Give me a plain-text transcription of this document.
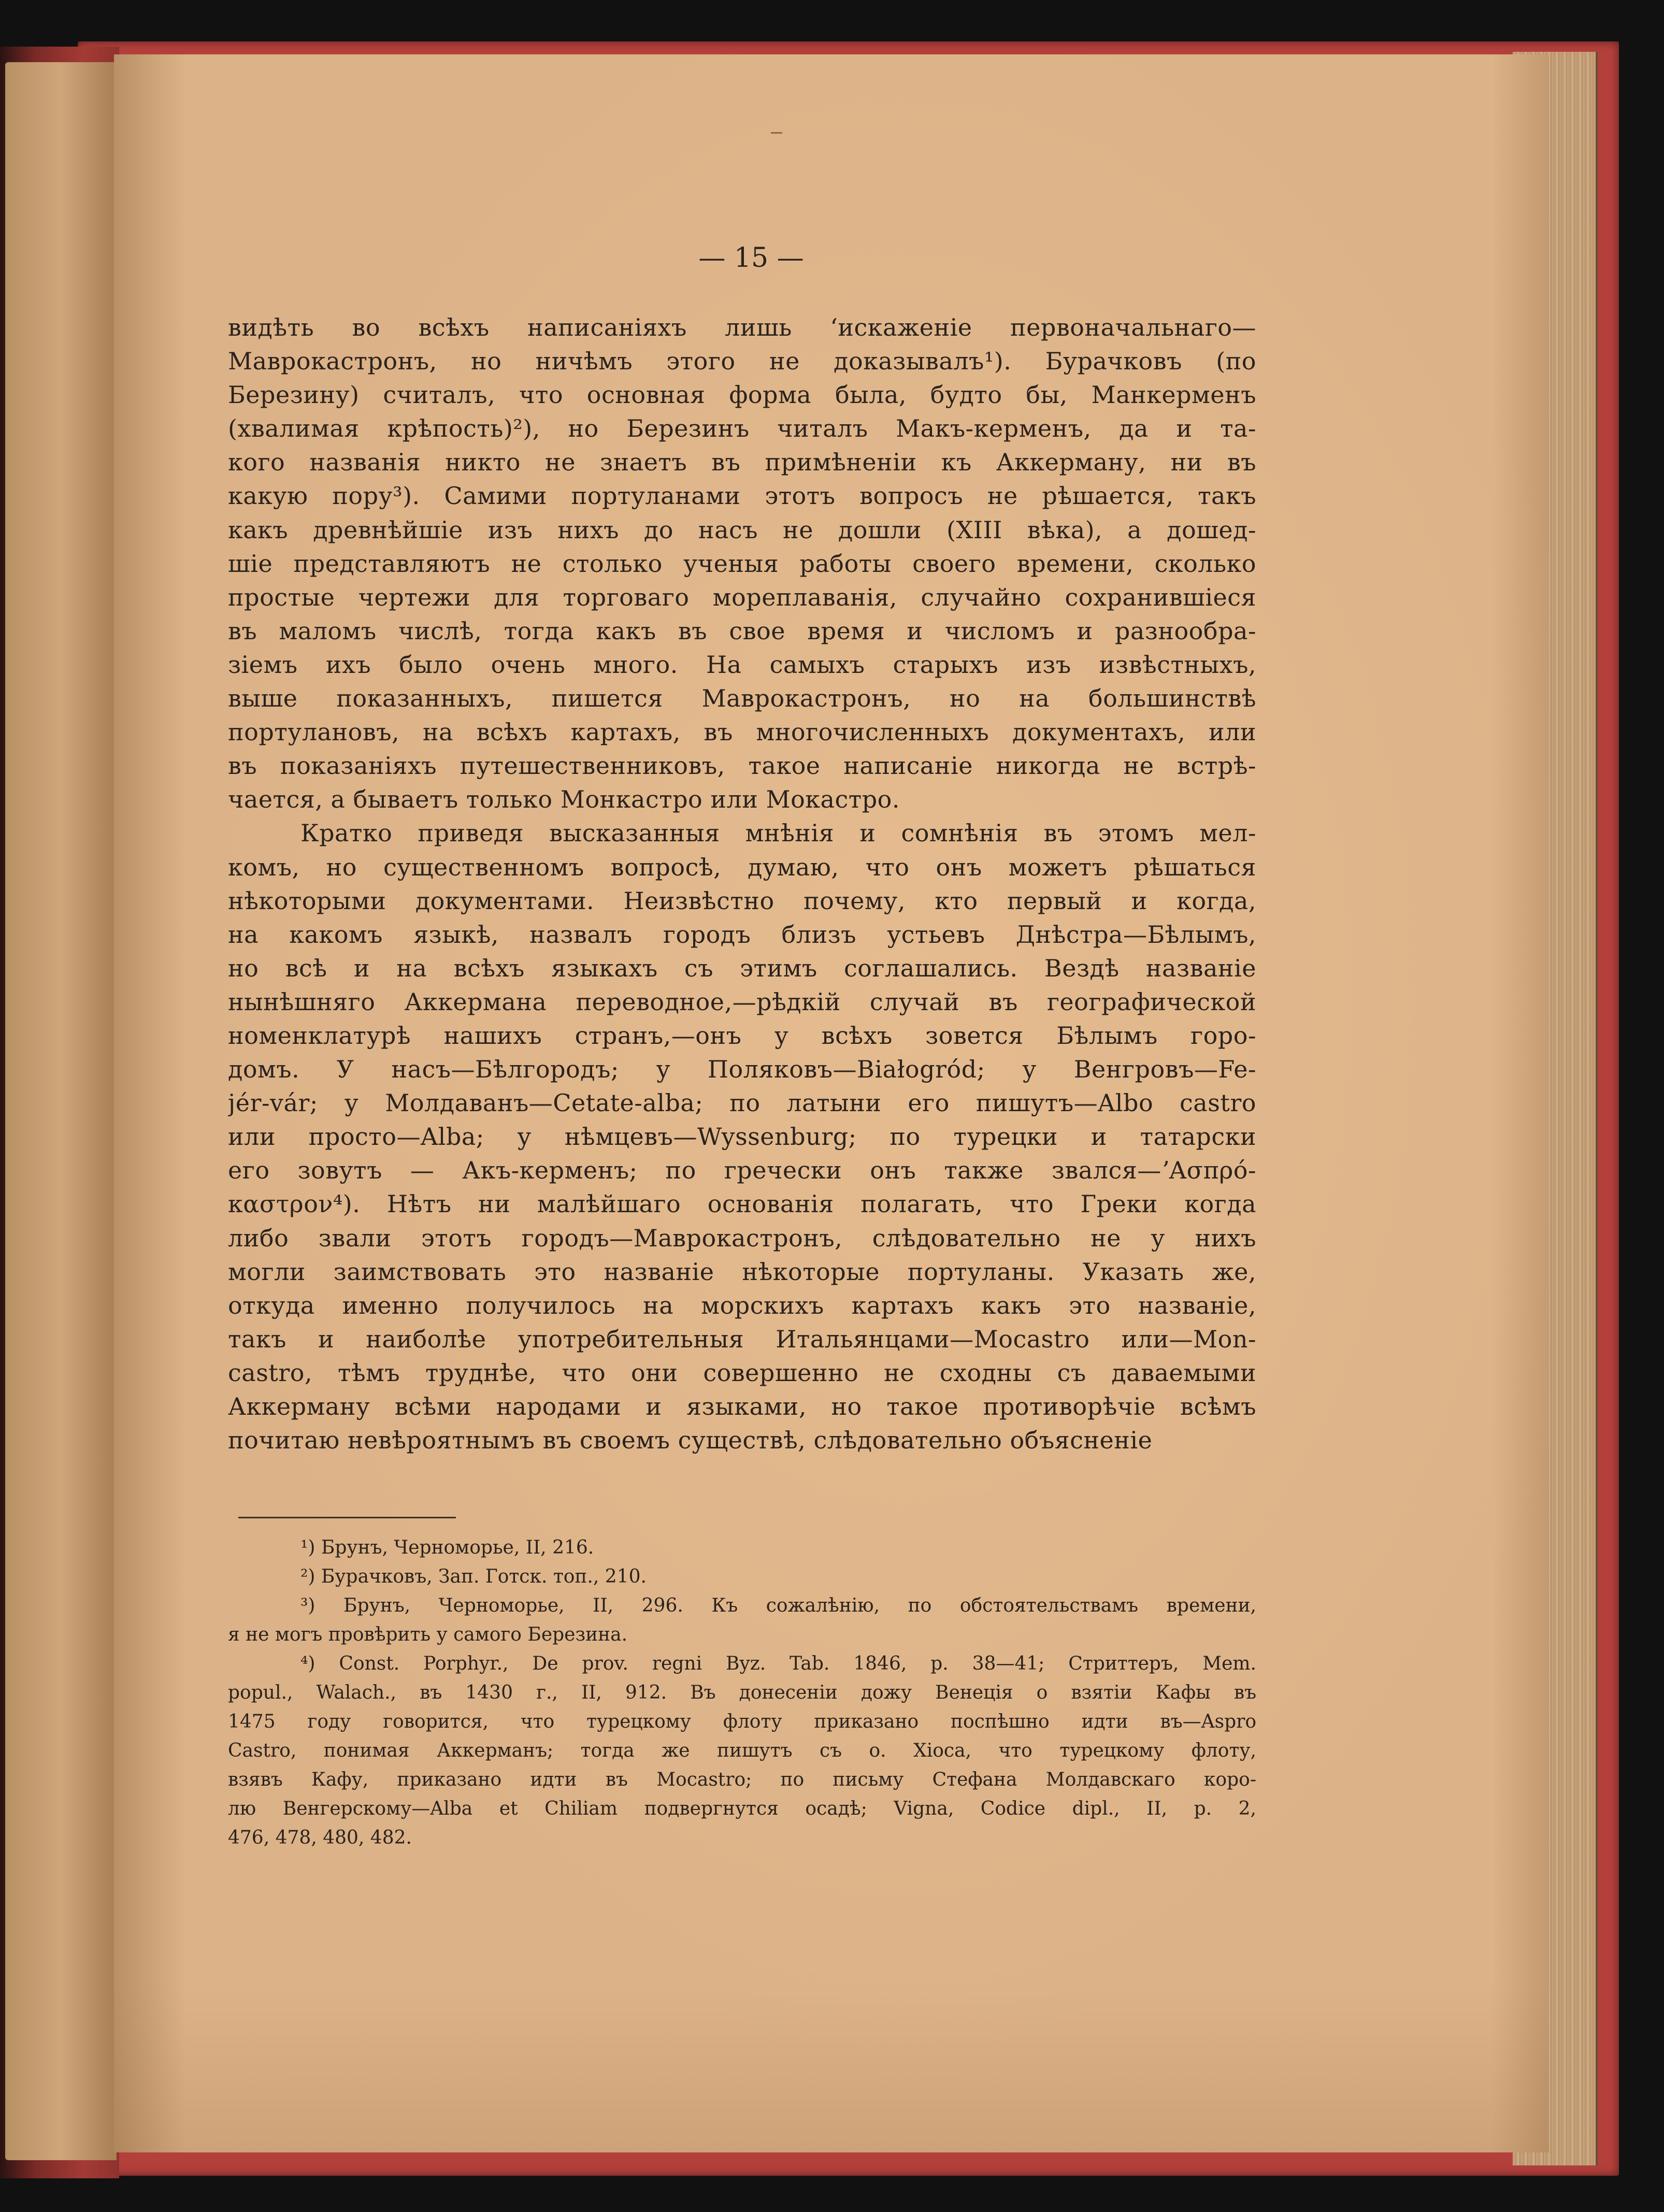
— 15 —
видѣть во всѣхъ написаніяхъ лишь ʻискаженіе первоначальнаго—
Маврокастронъ, но ничѣмъ этого не доказывалъ¹). Бурачковъ (по
Березину) считалъ, что основная форма была, будто бы, Манкерменъ
(хвалимая крѣпость)²), но Березинъ читалъ Макъ-керменъ, да и та-
кого названія никто не знаетъ въ примѣненіи къ Аккерману, ни въ
какую пору³). Самими портуланами этотъ вопросъ не рѣшается, такъ
какъ древнѣйшіе изъ нихъ до насъ не дошли (XIII вѣка), а дошед-
шіе представляютъ не столько ученыя работы своего времени, сколько
простые чертежи для торговаго мореплаванія, случайно сохранившіеся
въ маломъ числѣ, тогда какъ въ свое время и числомъ и разнообра-
зіемъ ихъ было очень много. На самыхъ старыхъ изъ извѣстныхъ,
выше показанныхъ, пишется Маврокастронъ, но на большинствѣ
портулановъ, на всѣхъ картахъ, въ многочисленныхъ документахъ, или
въ показаніяхъ путешественниковъ, такое написаніе никогда не встрѣ-
чается, а бываетъ только Монкастро или Мокастро.
Кратко приведя высказанныя мнѣнія и сомнѣнія въ этомъ мел-
комъ, но существенномъ вопросѣ, думаю, что онъ можетъ рѣшаться
нѣкоторыми документами. Неизвѣстно почему, кто первый и когда,
на какомъ языкѣ, назвалъ городъ близъ устьевъ Днѣстра—Бѣлымъ,
но всѣ и на всѣхъ языкахъ съ этимъ соглашались. Вездѣ названіе
нынѣшняго Аккермана переводное,—рѣдкій случай въ географической
номенклатурѣ нашихъ странъ,—онъ у всѣхъ зовется Бѣлымъ горо-
домъ. У насъ—Бѣлгородъ; у Поляковъ—Białogród; у Венгровъ—Fe-
jér-vár; у Молдаванъ—Cetate-alba; по латыни его пишутъ—Albo castro
или просто—Alba; у нѣмцевъ—Wyssenburg; по турецки и татарски
его зовутъ — Акъ-керменъ; по гречески онъ также звался—ʼΑσπρό-
καστρον⁴). Нѣтъ ни малѣйшаго основанія полагать, что Греки когда
либо звали этотъ городъ—Маврокастронъ, слѣдовательно не у нихъ
могли заимствовать это названіе нѣкоторые портуланы. Указать же,
откуда именно получилось на морскихъ картахъ какъ это названіе,
такъ и наиболѣе употребительныя Итальянцами—Mocastro или—Mon-
castro, тѣмъ труднѣе, что они совершенно не сходны съ даваемыми
Аккерману всѣми народами и языками, но такое противорѣчіе всѣмъ
почитаю невѣроятнымъ въ своемъ существѣ, слѣдовательно объясненіе
¹) Брунъ, Черноморье, II, 216.
²) Бурачковъ, Зап. Готск. топ., 210.
³) Брунъ, Черноморье, II, 296. Къ сожалѣнію, по обстоятельствамъ времени,
я не могъ провѣрить у самого Березина.
⁴) Const. Porphyr., De prov. regni Byz. Tab. 1846, p. 38—41; Стриттеръ, Mem.
popul., Walach., въ 1430 г., II, 912. Въ донесеніи дожу Венеція о взятіи Кафы въ
1475 году говорится, что турецкому флоту приказано поспѣшно идти въ—Aspro
Castro, понимая Аккерманъ; тогда же пишутъ съ о. Хіоса, что турецкому флоту,
взявъ Кафу, приказано идти въ Mocastro; по письму Стефана Молдавскаго коро-
лю Венгерскому—Alba et Chiliam подвергнутся осадѣ; Vigna, Codice dipl., II, p. 2,
476, 478, 480, 482.
